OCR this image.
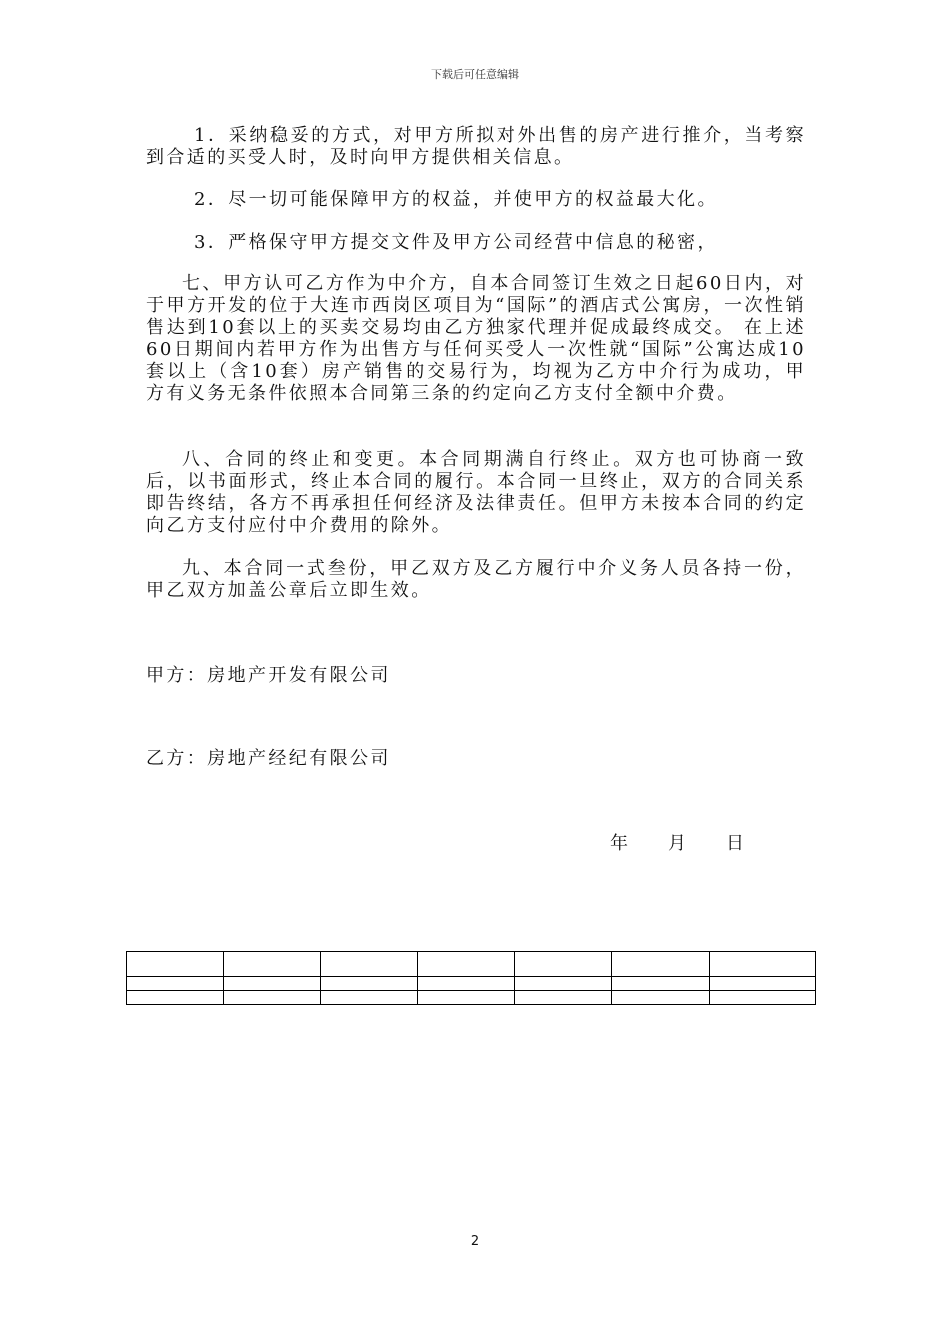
下载后可任意编辑

1．采纳稳妥的方式，对甲方所拟对外出售的房产进行推介，当考察到合适的买受人时，及时向甲方提供相关信息。

2．尽一切可能保障甲方的权益，并使甲方的权益最大化。

3．严格保守甲方提交文件及甲方公司经营中信息的秘密，

七、甲方认可乙方作为中介方，自本合同签订生效之日起60日内，对于甲方开发的位于大连市西岗区项目为“国际”的酒店式公寓房，一次性销售达到10套以上的买卖交易均由乙方独家代理并促成最终成交。 在上述60日期间内若甲方作为出售方与任何买受人一次性就“国际”公寓达成10套以上（含10套）房产销售的交易行为，均视为乙方中介行为成功，甲方有义务无条件依照本合同第三条的约定向乙方支付全额中介费。

八、合同的终止和变更。本合同期满自行终止。双方也可协商一致后，以书面形式，终止本合同的履行。本合同一旦终止，双方的合同关系即告终结，各方不再承担任何经济及法律责任。但甲方未按本合同的约定向乙方支付应付中介费用的除外。

九、本合同一式叁份，甲乙双方及乙方履行中介义务人员各持一份，甲乙双方加盖公章后立即生效。

甲方：房地产开发有限公司
乙方：房地产经纪有限公司
年 月 日

2
